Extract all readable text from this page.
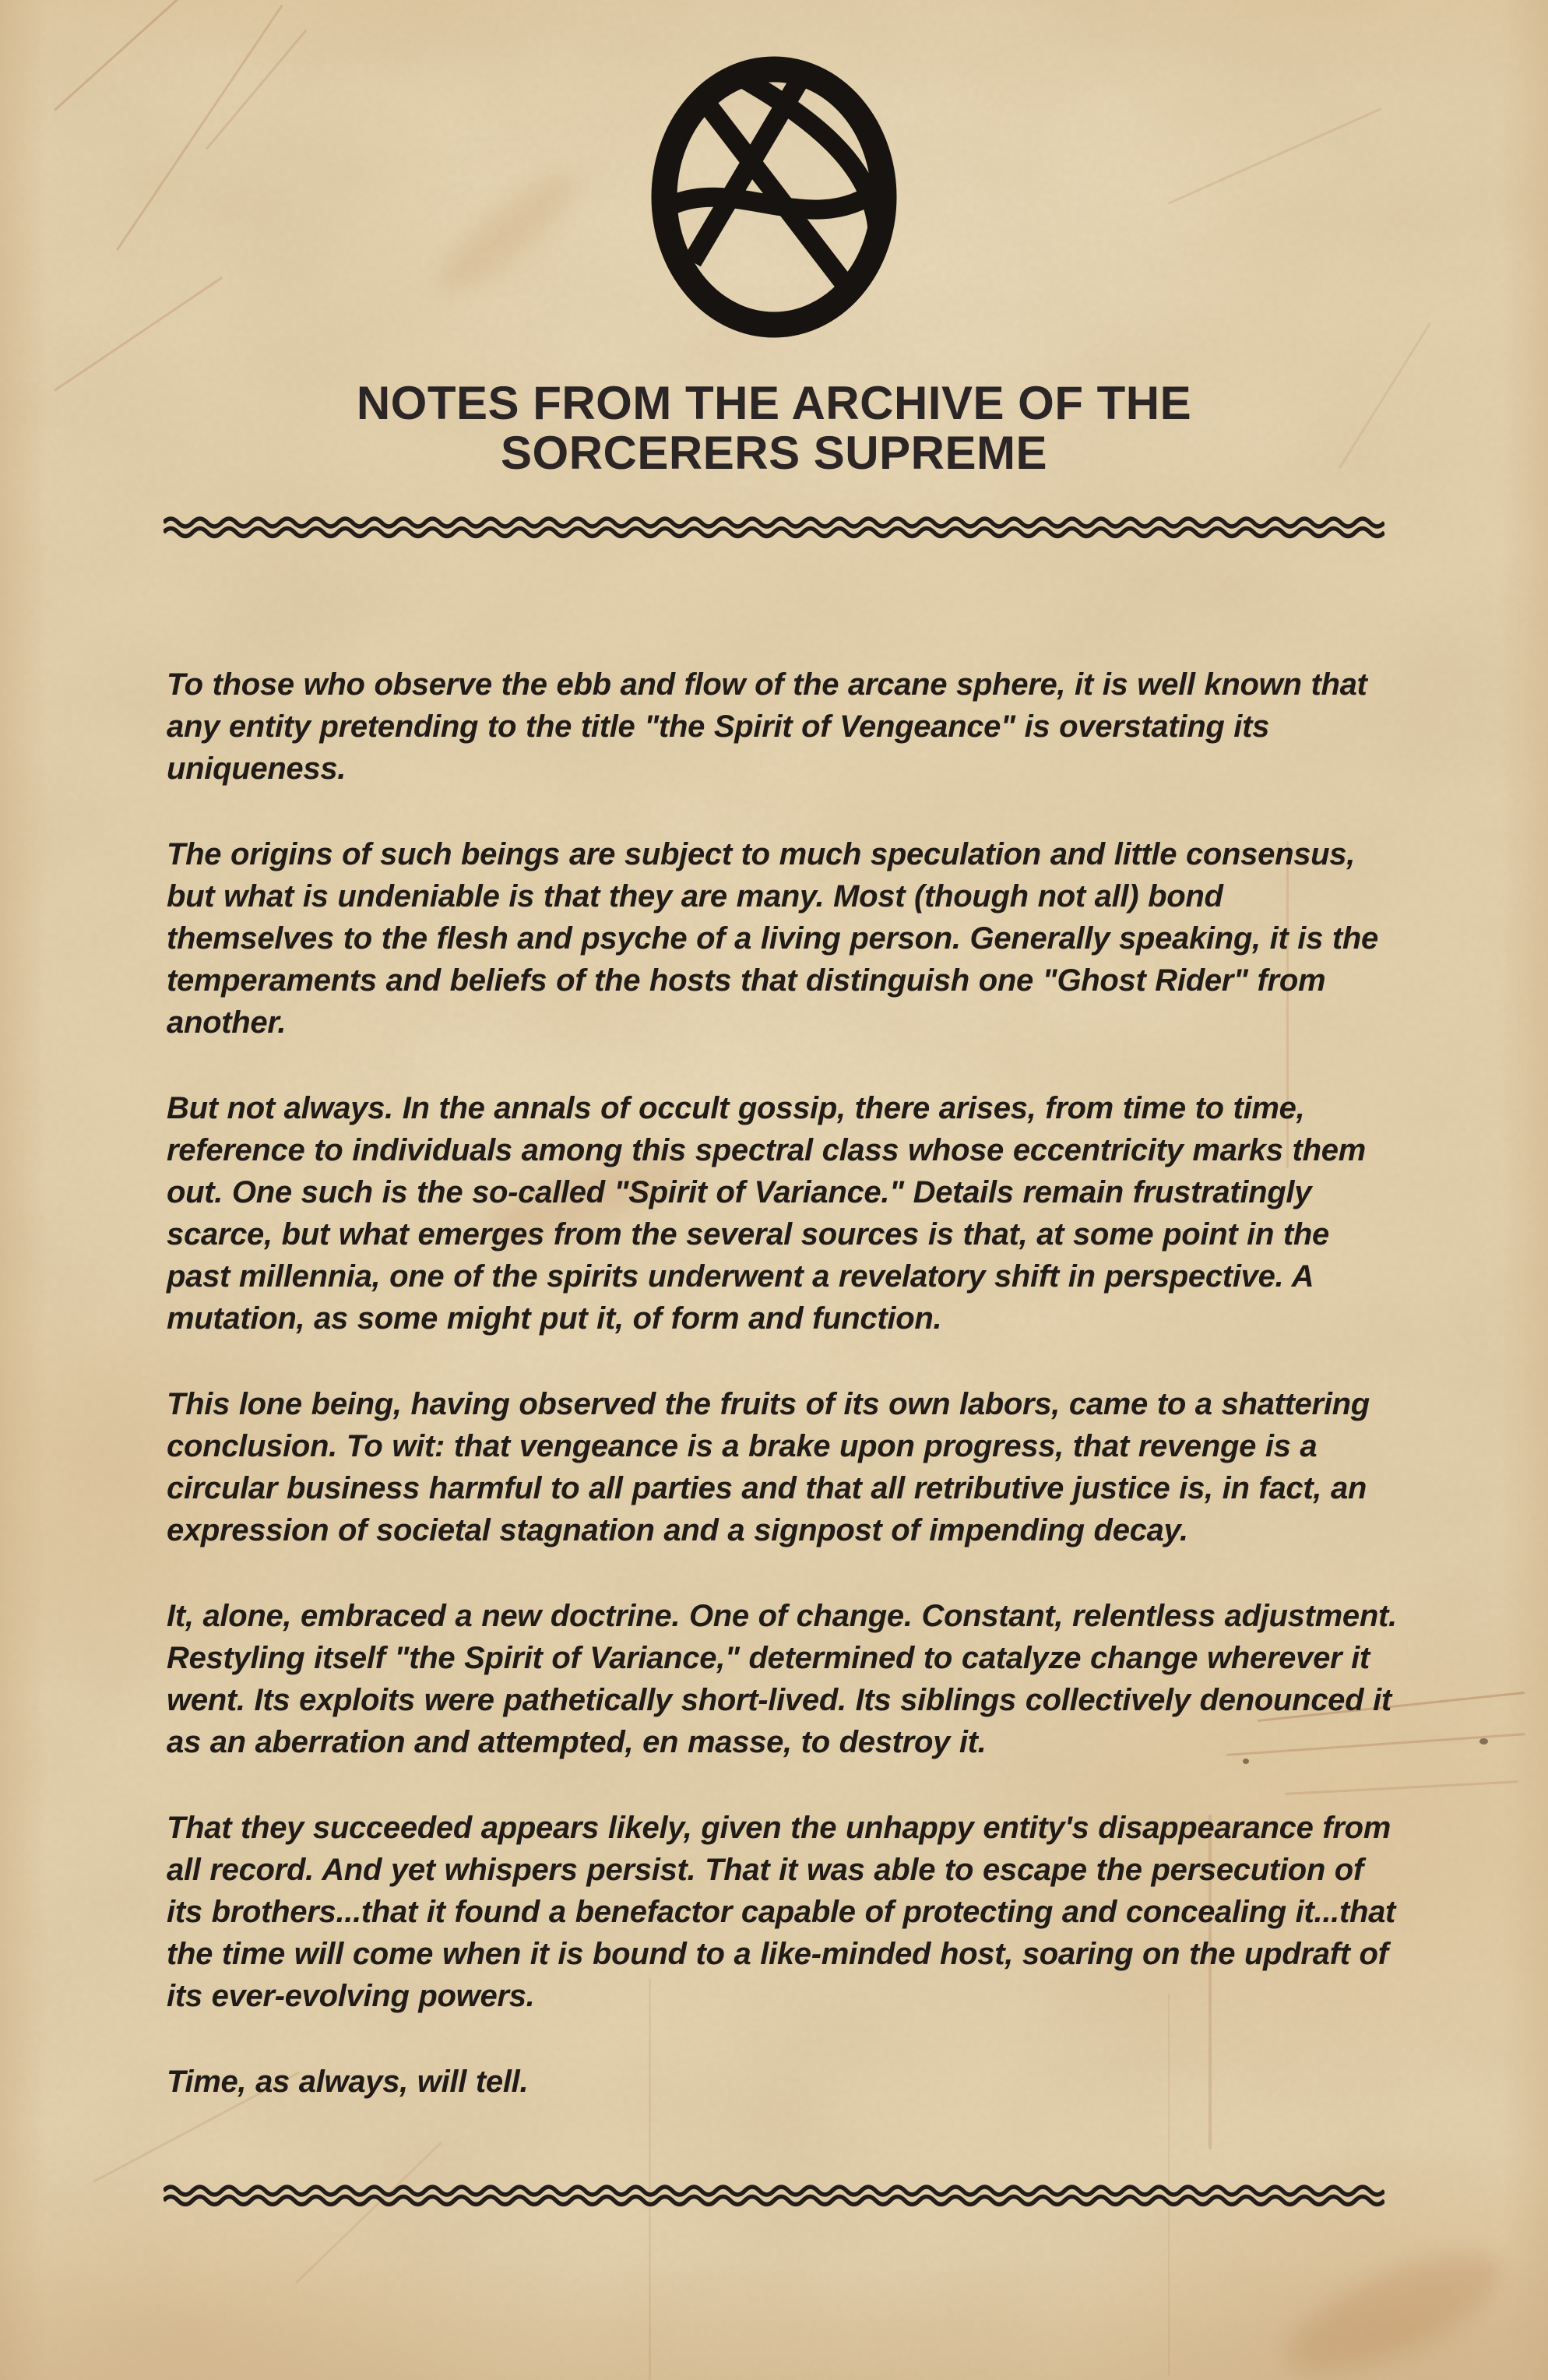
NOTES FROM THE ARCHIVE OF THE
SORCERERS SUPREME

To those who observe the ebb and flow of the arcane sphere, it is well known that any entity pretending to the title "the Spirit of Vengeance" is overstating its uniqueness.

The origins of such beings are subject to much speculation and little consensus, but what is undeniable is that they are many. Most (though not all) bond themselves to the flesh and psyche of a living person. Generally speaking, it is the temperaments and beliefs of the hosts that distinguish one "Ghost Rider" from another.

But not always. In the annals of occult gossip, there arises, from time to time, reference to individuals among this spectral class whose eccentricity marks them out. One such is the so-called "Spirit of Variance." Details remain frustratingly scarce, but what emerges from the several sources is that, at some point in the past millennia, one of the spirits underwent a revelatory shift in perspective. A mutation, as some might put it, of form and function.

This lone being, having observed the fruits of its own labors, came to a shattering conclusion. To wit: that vengeance is a brake upon progress, that revenge is a circular business harmful to all parties and that all retributive justice is, in fact, an expression of societal stagnation and a signpost of impending decay.

It, alone, embraced a new doctrine. One of change. Constant, relentless adjustment. Restyling itself "the Spirit of Variance," determined to catalyze change wherever it went. Its exploits were pathetically short-lived. Its siblings collectively denounced it as an aberration and attempted, en masse, to destroy it.

That they succeeded appears likely, given the unhappy entity's disappearance from all record. And yet whispers persist. That it was able to escape the persecution of its brothers...that it found a benefactor capable of protecting and concealing it...that the time will come when it is bound to a like-minded host, soaring on the updraft of its ever-evolving powers.

Time, as always, will tell.
